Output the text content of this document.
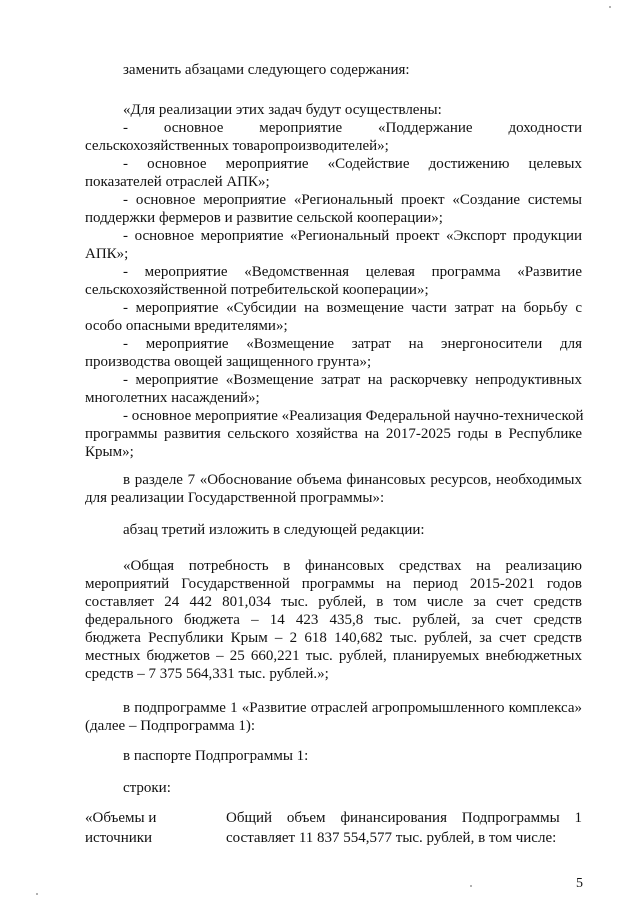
заменить абзацами следующего содержания:
«Для реализации этих задач будут осуществлены:
- основное мероприятие «Поддержание доходности
сельскохозяйственных товаропроизводителей»;
- основное мероприятие «Содействие достижению целевых
показателей отраслей АПК»;
- основное мероприятие «Региональный проект «Создание системы
поддержки фермеров и развитие сельской кооперации»;
- основное мероприятие «Региональный проект «Экспорт продукции
АПК»;
- мероприятие «Ведомственная целевая программа «Развитие
сельскохозяйственной потребительской кооперации»;
- мероприятие «Субсидии на возмещение части затрат на борьбу с
особо опасными вредителями»;
- мероприятие «Возмещение затрат на энергоносители для
производства овощей защищенного грунта»;
- мероприятие «Возмещение затрат на раскорчевку непродуктивных
многолетних насаждений»;
- основное мероприятие «Реализация Федеральной научно-технической
программы развития сельского хозяйства на 2017-2025 годы в Республике
Крым»;
в разделе 7 «Обоснование объема финансовых ресурсов, необходимых
для реализации Государственной программы»:
абзац третий изложить в следующей редакции:
«Общая потребность в финансовых средствах на реализацию
мероприятий Государственной программы на период 2015-2021 годов
составляет 24 442 801,034 тыс. рублей, в том числе за счет средств
федерального бюджета – 14 423 435,8 тыс. рублей, за счет средств
бюджета Республики Крым – 2 618 140,682 тыс. рублей, за счет средств
местных бюджетов – 25 660,221 тыс. рублей, планируемых внебюджетных
средств – 7 375 564,331 тыс. рублей.»;
в подпрограмме 1 «Развитие отраслей агропромышленного комплекса»
(далее – Подпрограмма 1):
в паспорте Подпрограммы 1:
строки:
«Объемы и
источники
Общий объем финансирования Подпрограммы 1
составляет 11 837 554,577 тыс. рублей, в том числе:
5
